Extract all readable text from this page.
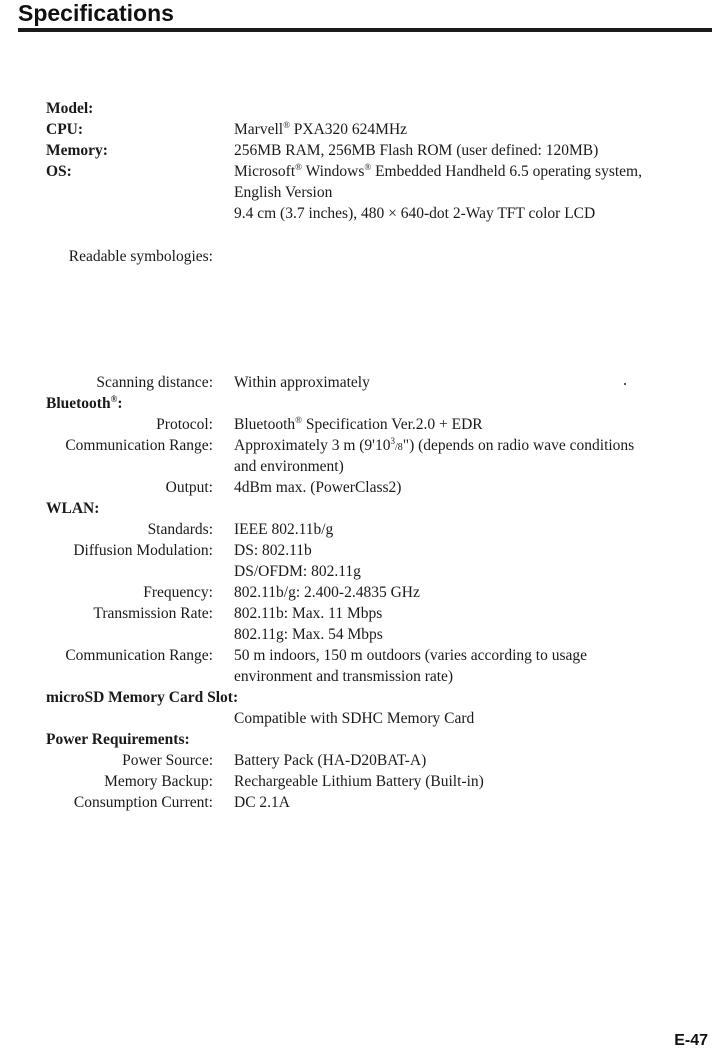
Specifications
Model:
CPU:	Marvell® PXA320 624MHz
Memory:	256MB RAM, 256MB Flash ROM (user defined: 120MB)
OS:	Microsoft® Windows® Embedded Handheld 6.5 operating system,
English Version
9.4 cm (3.7 inches), 480 × 640-dot 2-Way TFT color LCD
Readable symbologies:
Scanning distance: Within approximately
Bluetooth®:
Protocol: Bluetooth® Specification Ver.2.0 + EDR
Communication Range: Approximately 3 m $(9'10^3/8")$ (depends on radio wave conditions
and environment)
Output: 4dBm max. (PowerClass2)
WLAN:
Standards: IEEE 802.11b/g
Diffusion Modulation: DS: 802.11b
DS/OFDM: 802.11g
Frequency: 802.11b/g: 2.400-2.4835 GHz
Transmission Rate: 802.11b: Max. 11 Mbps
802.11g: Max. 54 Mbps
Communication Range: 50 m indoors, 150 m outdoors (varies according to usage
environment and transmission rate)
microSD Memory Card Slot:
Compatible with SDHC Memory Card
Power Requirements:
Power Source: Battery Pack (HA-D20BAT-A)
Memory Backup: Rechargeable Lithium Battery (Built-in)
Consumption Current: DC 2.1A
E-47
